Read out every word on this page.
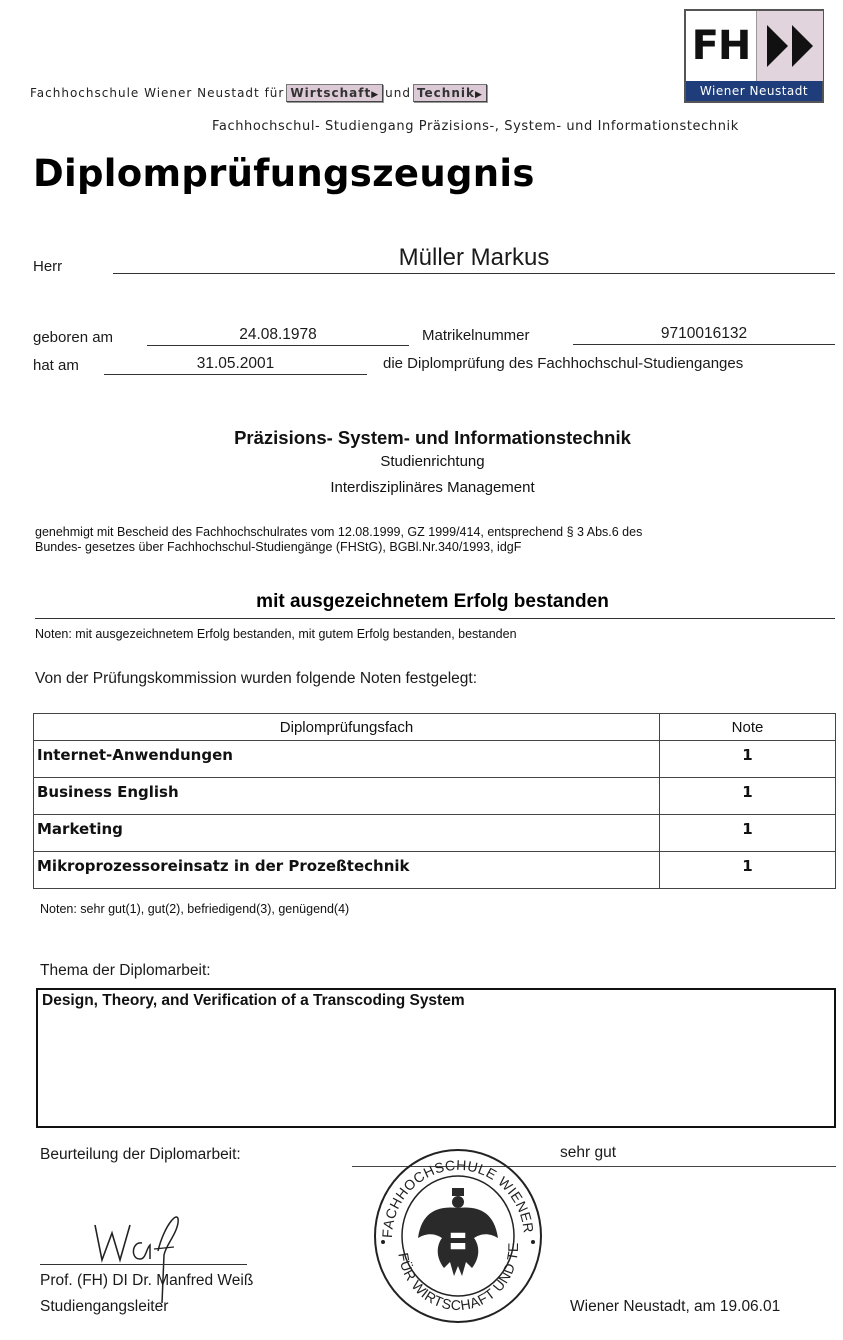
FH
Wiener Neustadt
Fachhochschule Wiener Neustadt für Wirtschaft▶ und Technik▶
Fachhochschul- Studiengang Präzisions-, System- und Informationstechnik
Diplomprüfungszeugnis
Herr	Müller Markus
geboren am	24.08.1978	Matrikelnummer	9710016132
hat am	31.05.2001	die Diplomprüfung des Fachhochschul-Studienganges
Präzisions- System- und Informationstechnik
Studienrichtung
Interdisziplinäres Management
genehmigt mit Bescheid des Fachhochschulrates vom 12.08.1999, GZ 1999/414, entsprechend § 3 Abs.6 des
Bundes- gesetzes über Fachhochschul-Studiengänge (FHStG), BGBl.Nr.340/1993, idgF
mit ausgezeichnetem Erfolg bestanden
Noten: mit ausgezeichnetem Erfolg bestanden, mit gutem Erfolg bestanden, bestanden
Von der Prüfungskommission wurden folgende Noten festgelegt:
Diplomprüfungsfach	Note
Internet-Anwendungen	1
Business English	1
Marketing	1
Mikroprozessoreinsatz in der Prozeßtechnik	1
Noten: sehr gut(1), gut(2), befriedigend(3), genügend(4)
Thema der Diplomarbeit:
Design, Theory, and Verification of a Transcoding System
Beurteilung der Diplomarbeit:	sehr gut
Prof. (FH) DI Dr. Manfred Weiß
Studiengangsleiter
FACHHOCHSCHULE WIENER
FÜR WIRTSCHAFT UND TE
Wiener Neustadt, am 19.06.01
